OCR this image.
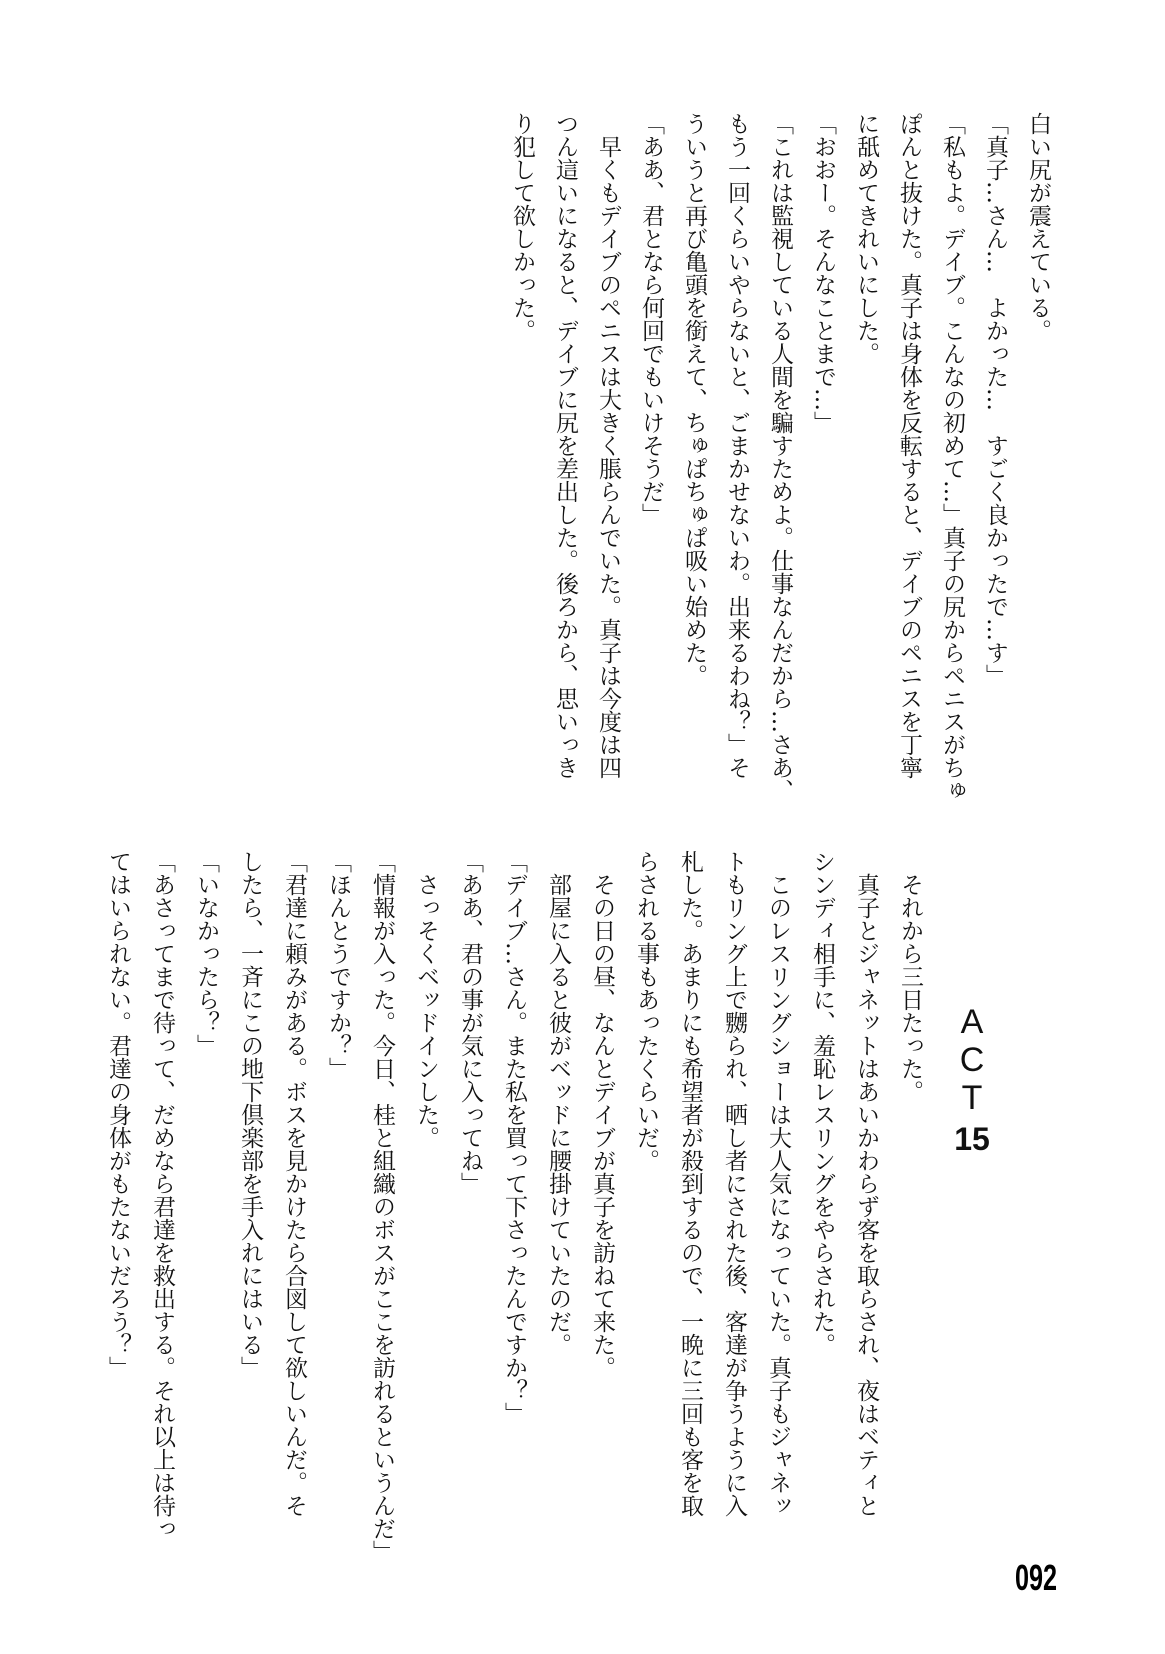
白い尻が震えている。
「真子…さん…　よかった…　すごく良かったで…す」
「私もよ。デイブ。こんなの初めて…」真子の尻からペニスがちゅ
ぽんと抜けた。真子は身体を反転すると、デイブのペニスを丁寧
に舐めてきれいにした。
「おおー。そんなことまで…」
「これは監視している人間を騙すためよ。仕事なんだから…さあ、
もう一回くらいやらないと、ごまかせないわ。出来るわね？」そ
ういうと再び亀頭を銜えて、ちゅぱちゅぱ吸い始めた。
「ああ、君となら何回でもいけそうだ」
　早くもデイブのペニスは大きく脹らんでいた。真子は今度は四
つん這いになると、デイブに尻を差出した。後ろから、思いっき
り犯して欲しかった。
A
C
T
15
　それから三日たった。
　真子とジャネットはあいかわらず客を取らされ、夜はベティと
シンディ相手に、羞恥レスリングをやらされた。
　このレスリングショーは大人気になっていた。真子もジャネッ
トもリング上で嬲られ、晒し者にされた後、客達が争うように入
札した。あまりにも希望者が殺到するので、一晩に三回も客を取
らされる事もあったくらいだ。
　その日の昼、なんとデイブが真子を訪ねて来た。
　部屋に入ると彼がベッドに腰掛けていたのだ。
「デイブ…さん。また私を買って下さったんですか？」
「ああ、君の事が気に入ってね」
　さっそくベッドインした。
「情報が入った。今日、桂と組織のボスがここを訪れるというんだ」
「ほんとうですか？」
「君達に頼みがある。ボスを見かけたら合図して欲しいんだ。そ
したら、一斉にこの地下倶楽部を手入れにはいる」
「いなかったら？」
「あさってまで待って、だめなら君達を救出する。それ以上は待っ
てはいられない。君達の身体がもたないだろう？」
092
